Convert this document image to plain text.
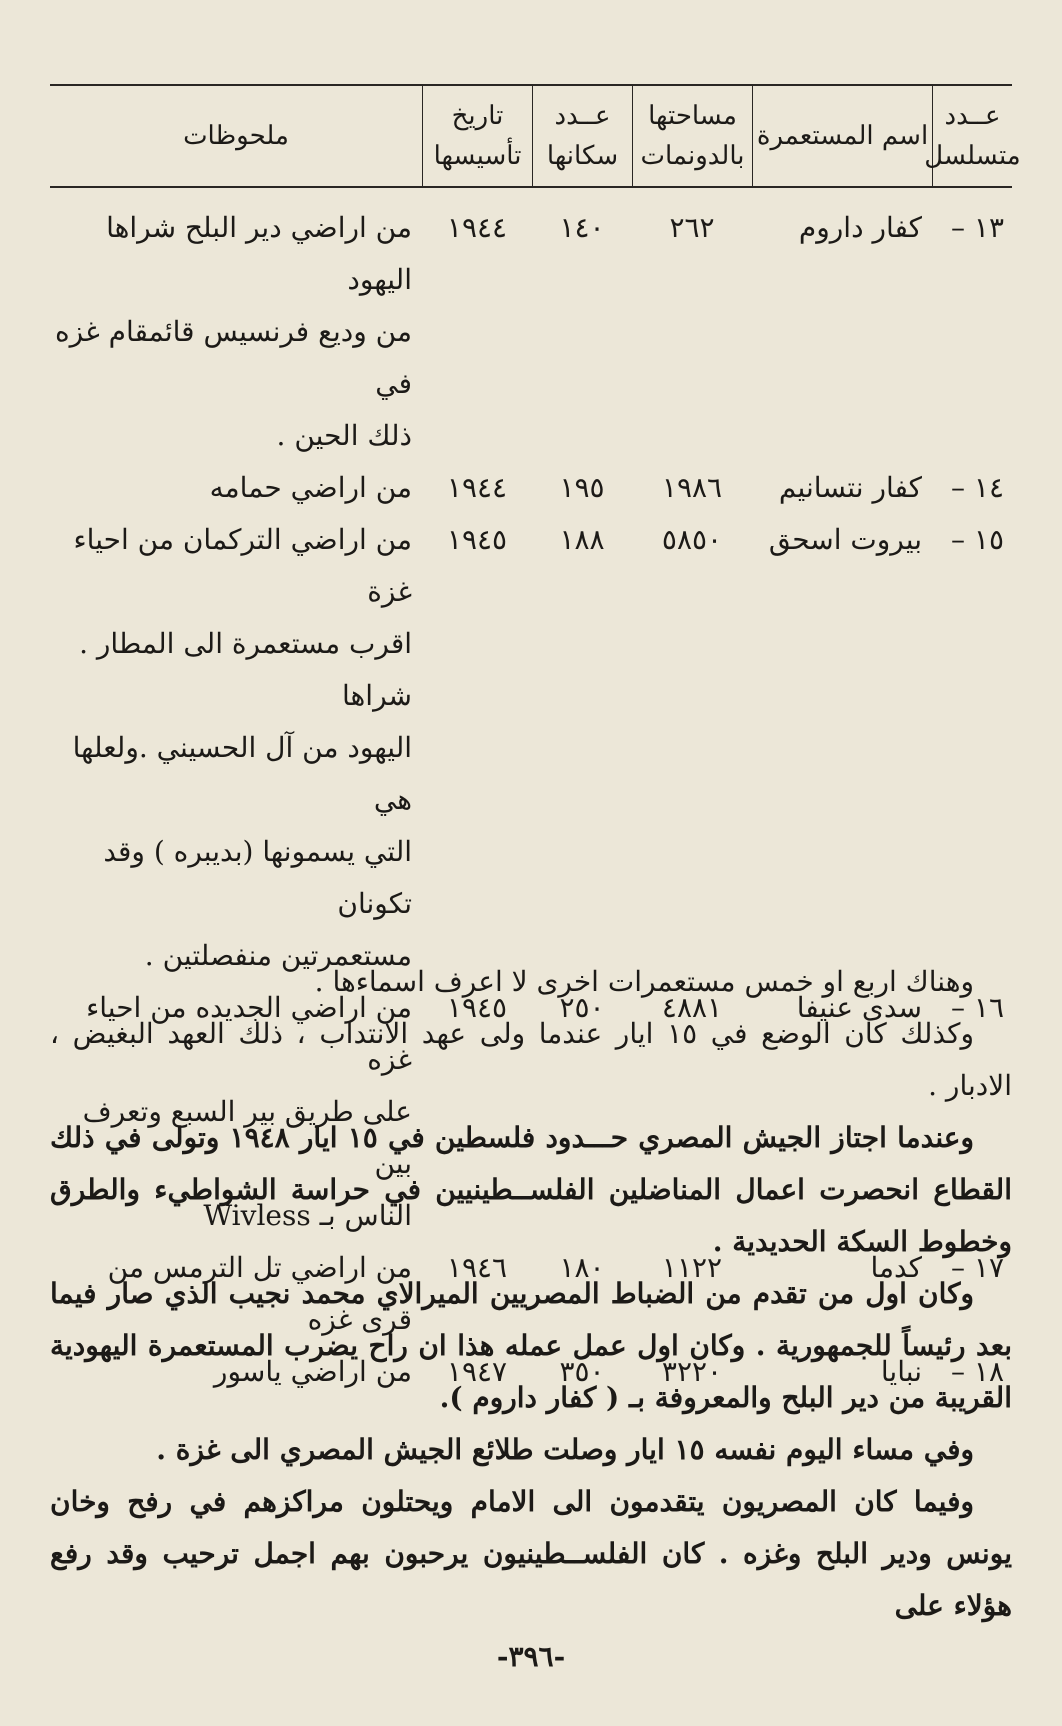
عــدد
متسلسل
اسم المستعمرة
مساحتها
بالدونمات
عــدد
سكانها
تاريخ
تأسيسها
ملحوظات
١٣ –
كفار داروم
٢٦٢
١٤٠
١٩٤٤
من اراضي دير البلح شراها اليهود
من وديع فرنسيس قائمقام غزه في
ذلك الحين .
١٤ –
كفار نتسانيم
١٩٨٦
١٩٥
١٩٤٤
من اراضي حمامه
١٥ –
بيروت اسحق
٥٨٥٠
١٨٨
١٩٤٥
من اراضي التركمان من احياء غزة
اقرب مستعمرة الى المطار . شراها
اليهود من آل الحسيني .ولعلها هي
التي يسمونها (بديبره ) وقد تكونان
مستعمرتين منفصلتين .
١٦ –
سدى عنيفا
٤٨٨١
٢٥٠
١٩٤٥
من اراضي الجديده من احياء غزه
على طريق بير السبع وتعرف بين
الناس بـ Wivless
١٧ –
كدما
١١٢٢
١٨٠
١٩٤٦
من اراضي تل الترمس من قرى غزه
١٨ –
نبايا
٣٢٢٠
٣٥٠
١٩٤٧
من اراضي ياسور

وهناك اربع او خمس مستعمرات اخرى لا اعرف اسماءها .

وكذلك كان الوضع في ١٥ ايار عندما ولى عهد الانتداب ، ذلك العهد البغيض ، الادبار .

وعندما اجتاز الجيش المصري حـــدود فلسطين في ١٥ ايار ١٩٤٨ وتولى في ذلك القطاع انحصرت اعمال المناضلين الفلســطينيين في حراسة الشواطيء والطرق وخطوط السكة الحديدية .

وكان اول من تقدم من الضباط المصريين الميرالاي محمد نجيب الذي صار فيما بعد رئيساً للجمهورية . وكان اول عمل عمله هذا ان راح يضرب المستعمرة اليهودية القريبة من دير البلح والمعروفة بـ ( كفار داروم ).

وفي مساء اليوم نفسه ١٥ ايار وصلت طلائع الجيش المصري الى غزة .

وفيما كان المصريون يتقدمون الى الامام ويحتلون مراكزهم في رفح وخان يونس ودير البلح وغزه . كان الفلســطينيون يرحبون بهم اجمل ترحيب وقد رفع هؤلاء على

-٣٩٦-
